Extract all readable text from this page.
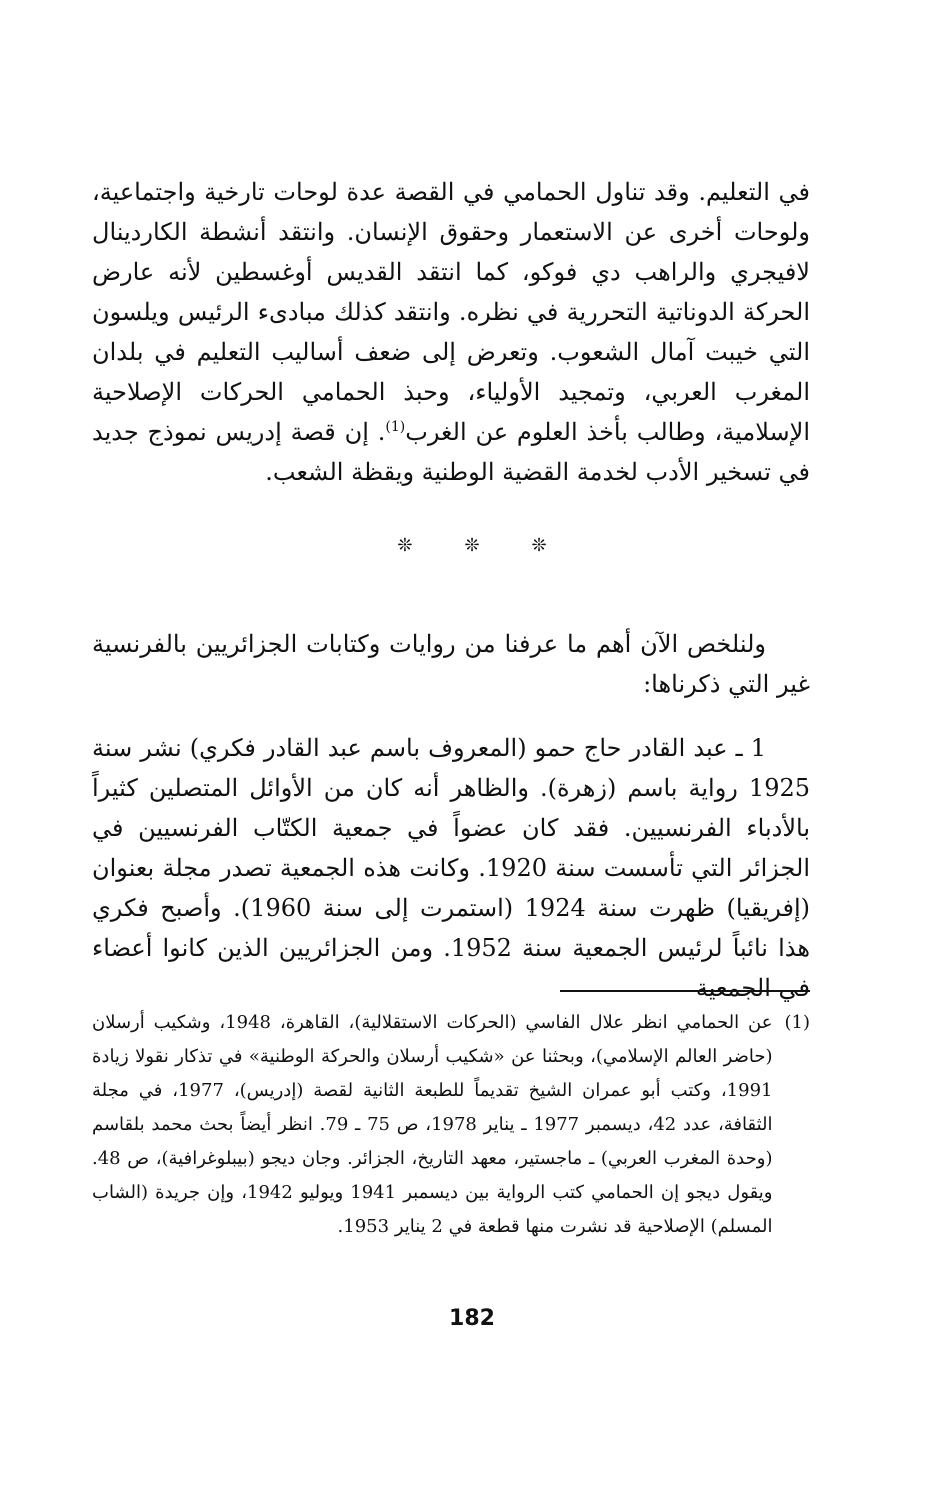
في التعليم. وقد تناول الحمامي في القصة عدة لوحات تارخية واجتماعية، ولوحات أخرى عن الاستعمار وحقوق الإنسان. وانتقد أنشطة الكاردينال لافيجري والراهب دي فوكو، كما انتقد القديس أوغسطين لأنه عارض الحركة الدوناتية التحررية في نظره. وانتقد كذلك مبادىء الرئيس ويلسون التي خيبت آمال الشعوب. وتعرض إلى ضعف أساليب التعليم في بلدان المغرب العربي، وتمجيد الأولياء، وحبذ الحمامي الحركات الإصلاحية الإسلامية، وطالب بأخذ العلوم عن الغرب$^{(1)}$. إن قصة إدريس نموذج جديد في تسخير الأدب لخدمة القضية الوطنية ويقظة الشعب.

❊	❊	❊

ولنلخص الآن أهم ما عرفنا من روايات وكتابات الجزائريين بالفرنسية غير التي ذكرناها:

1 ـ عبد القادر حاج حمو (المعروف باسم عبد القادر فكري) نشر سنة 1925 رواية باسم (زهرة). والظاهر أنه كان من الأوائل المتصلين كثيراً بالأدباء الفرنسيين. فقد كان عضواً في جمعية الكتّاب الفرنسيين في الجزائر التي تأسست سنة 1920. وكانت هذه الجمعية تصدر مجلة بعنوان (إفريقيا) ظهرت سنة 1924 (استمرت إلى سنة 1960). وأصبح فكري هذا نائباً لرئيس الجمعية سنة 1952. ومن الجزائريين الذين كانوا أعضاء في الجمعية

(1)

عن الحمامي انظر علال الفاسي (الحركات الاستقلالية)، القاهرة، 1948، وشكيب أرسلان (حاضر العالم الإسلامي)، وبحثنا عن «شكيب أرسلان والحركة الوطنية» في تذكار نقولا زيادة 1991، وكتب أبو عمران الشيخ تقديماً للطبعة الثانية لقصة (إدريس)، 1977، في مجلة الثقافة، عدد 42، ديسمبر 1977 ـ يناير 1978، ص 75 ـ 79. انظر أيضاً بحث محمد بلقاسم (وحدة المغرب العربي) ـ ماجستير، معهد التاريخ، الجزائر. وجان ديجو (بيبلوغرافية)، ص 48. ويقول ديجو إن الحمامي كتب الرواية بين ديسمبر 1941 ويوليو 1942، وإن جريدة (الشاب المسلم) الإصلاحية قد نشرت منها قطعة في 2 يناير 1953.

182
